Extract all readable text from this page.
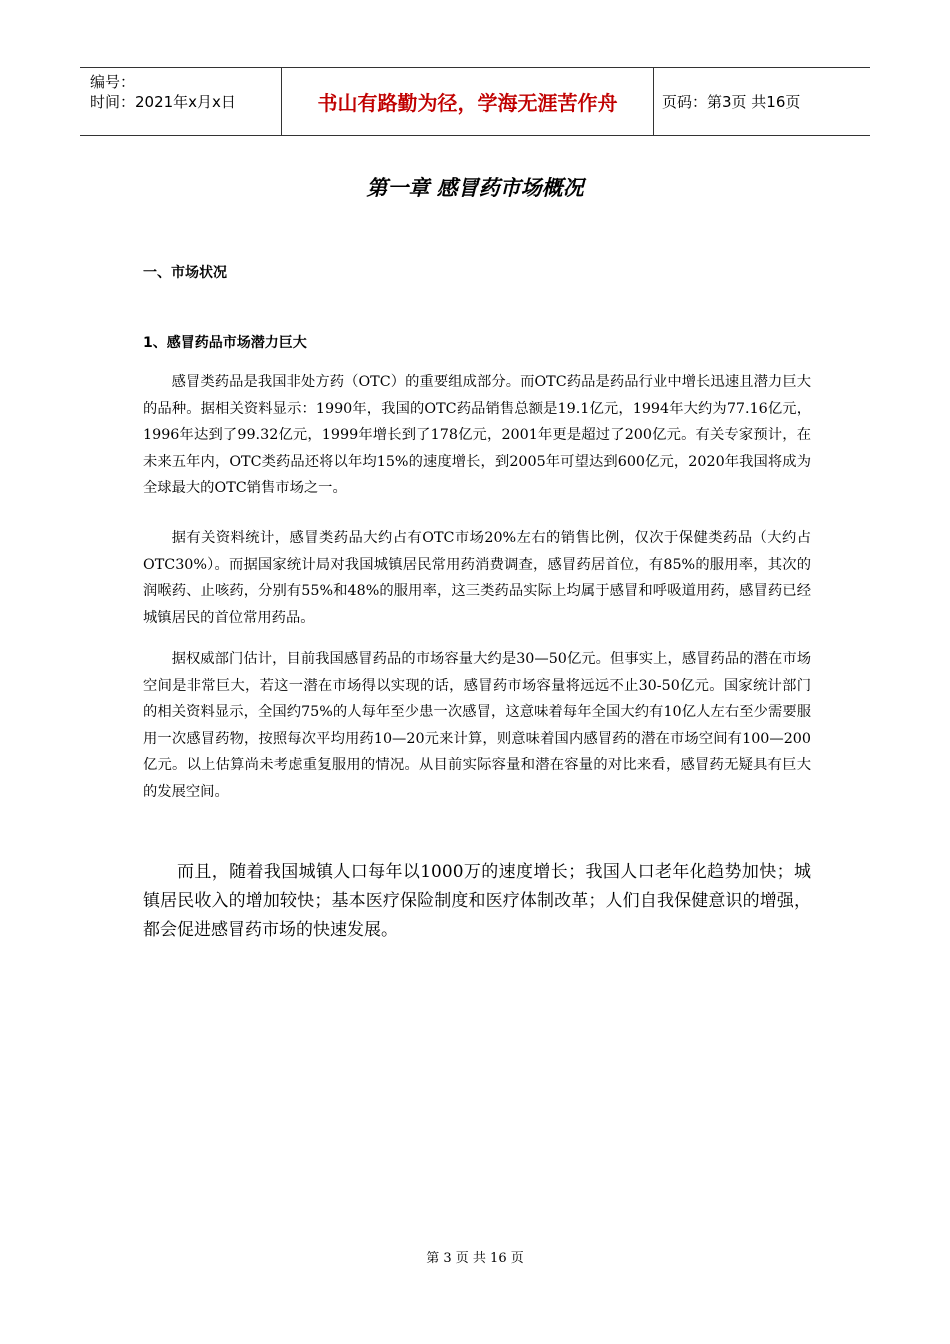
编号：
时间：2021年x月x日	书山有路勤为径，学海无涯苦作舟	页码：第3页 共16页
第一章 感冒药市场概况
一、市场状况
1、感冒药品市场潜力巨大

感冒类药品是我国非处方药（OTC）的重要组成部分。而OTC药品是药品行业中增长迅速且潜力巨大的品种。据相关资料显示：1990年，我国的OTC药品销售总额是19.1亿元，1994年大约为77.16亿元，1996年达到了99.32亿元，1999年增长到了178亿元，2001年更是超过了200亿元。有关专家预计，在未来五年内，OTC类药品还将以年均15%的速度增长，到2005年可望达到600亿元，2020年我国将成为全球最大的OTC销售市场之一。

据有关资料统计，感冒类药品大约占有OTC市场20%左右的销售比例，仅次于保健类药品（大约占OTC30%）。而据国家统计局对我国城镇居民常用药消费调查，感冒药居首位，有85%的服用率，其次的润喉药、止咳药，分别有55%和48%的服用率，这三类药品实际上均属于感冒和呼吸道用药，感冒药已经城镇居民的首位常用药品。

据权威部门估计，目前我国感冒药品的市场容量大约是30—50亿元。但事实上，感冒药品的潜在市场空间是非常巨大，若这一潜在市场得以实现的话，感冒药市场容量将远远不止30-50亿元。国家统计部门的相关资料显示，全国约75%的人每年至少患一次感冒，这意味着每年全国大约有10亿人左右至少需要服用一次感冒药物，按照每次平均用药10—20元来计算，则意味着国内感冒药的潜在市场空间有100—200亿元。以上估算尚未考虑重复服用的情况。从目前实际容量和潜在容量的对比来看，感冒药无疑具有巨大的发展空间。

而且，随着我国城镇人口每年以1000万的速度增长；我国人口老年化趋势加快；城镇居民收入的增加较快；基本医疗保险制度和医疗体制改革；人们自我保健意识的增强，都会促进感冒药市场的快速发展。

第 3 页 共 16 页
